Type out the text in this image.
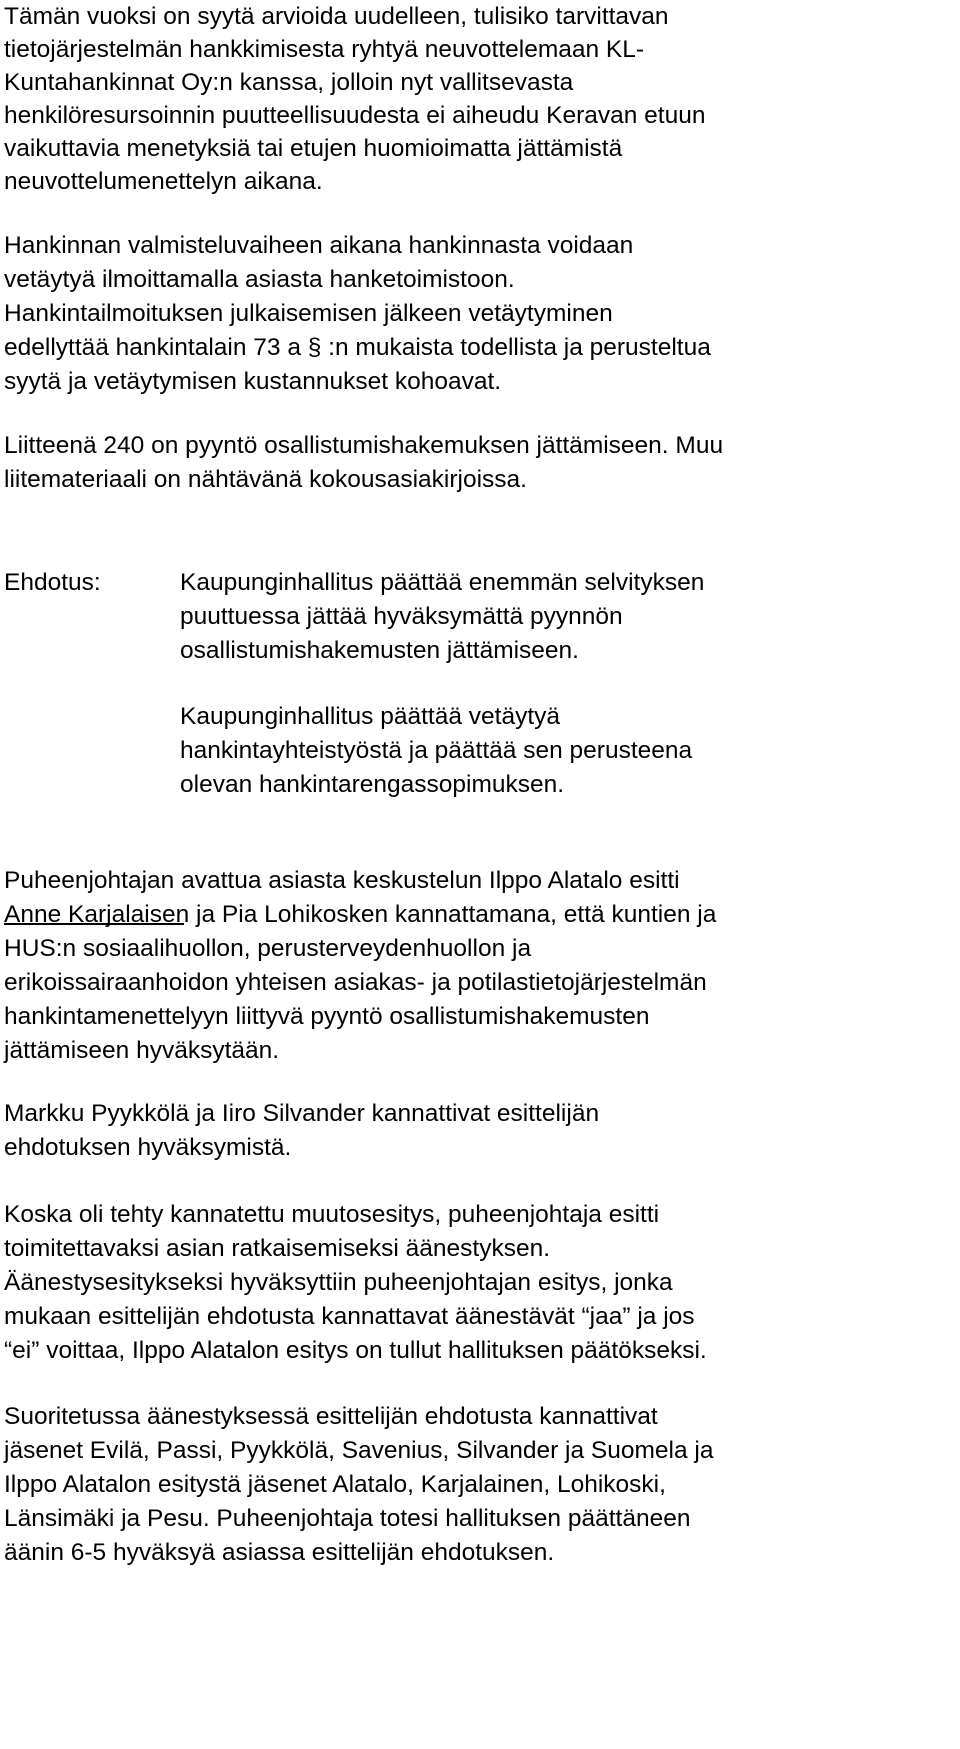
Tämän vuoksi on syytä arvioida uudelleen, tulisiko tarvittavan
tietojärjestelmän hankkimisesta ryhtyä neuvottelemaan KL-
Kuntahankinnat Oy:n kanssa, jolloin nyt vallitsevasta
henkilöresursoinnin puutteellisuudesta ei aiheudu Keravan etuun
vaikuttavia menetyksiä tai etujen huomioimatta jättämistä
neuvottelumenettelyn aikana.
Hankinnan valmisteluvaiheen aikana hankinnasta voidaan
vetäytyä ilmoittamalla asiasta hanketoimistoon.
Hankintailmoituksen julkaisemisen jälkeen vetäytyminen
edellyttää hankintalain 73 a § :n mukaista todellista ja perusteltua
syytä ja vetäytymisen kustannukset kohoavat.
Liitteenä 240 on pyyntö osallistumishakemuksen jättämiseen. Muu
liitemateriaali on nähtävänä kokousasiakirjoissa.
Ehdotus:	Kaupunginhallitus päättää enemmän selvityksen
puuttuessa jättää hyväksymättä pyynnön
osallistumishakemusten jättämiseen.
Kaupunginhallitus päättää vetäytyä
hankintayhteistyöstä ja päättää sen perusteena
olevan hankintarengassopimuksen.
Puheenjohtajan avattua asiasta keskustelun Ilppo Alatalo esitti
Anne Karjalaisen ja Pia Lohikosken kannattamana, että kuntien ja
HUS:n sosiaalihuollon, perusterveydenhuollon ja
erikoissairaanhoidon yhteisen asiakas- ja potilastietojärjestelmän
hankintamenettelyyn liittyvä pyyntö osallistumishakemusten
jättämiseen hyväksytään.
Markku Pyykkölä ja Iiro Silvander kannattivat esittelijän
ehdotuksen hyväksymistä.
Koska oli tehty kannatettu muutosesitys, puheenjohtaja esitti
toimitettavaksi asian ratkaisemiseksi äänestyksen.
Äänestysesitykseksi hyväksyttiin puheenjohtajan esitys, jonka
mukaan esittelijän ehdotusta kannattavat äänestävät “jaa” ja jos
“ei” voittaa, Ilppo Alatalon esitys on tullut hallituksen päätökseksi.
Suoritetussa äänestyksessä esittelijän ehdotusta kannattivat
jäsenet Evilä, Passi, Pyykkölä, Savenius, Silvander ja Suomela ja
Ilppo Alatalon esitystä jäsenet Alatalo, Karjalainen, Lohikoski,
Länsimäki ja Pesu. Puheenjohtaja totesi hallituksen päättäneen
äänin 6-5 hyväksyä asiassa esittelijän ehdotuksen.
